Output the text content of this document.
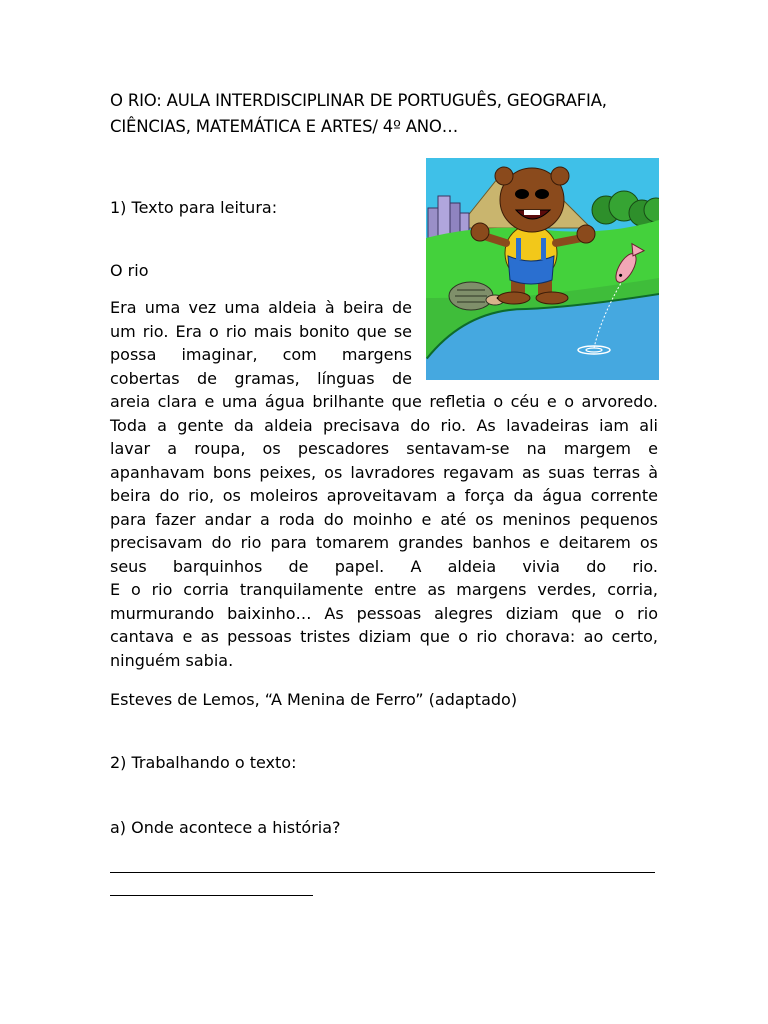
O RIO: AULA INTERDISCIPLINAR DE PORTUGUÊS, GEOGRAFIA,
CIÊNCIAS, MATEMÁTICA E ARTES/ 4º ANO…
1) Texto para leitura:
O rio
Era uma vez uma aldeia à beira de
um rio. Era o rio mais bonito que se
possa imaginar, com margens
cobertas de gramas, línguas de
areia clara e uma água brilhante que refletia o céu e o arvoredo.
Toda a gente da aldeia precisava do rio. As lavadeiras iam ali
lavar a roupa, os pescadores sentavam-se na margem e
apanhavam bons peixes, os lavradores regavam as suas terras à
beira do rio, os moleiros aproveitavam a força da água corrente
para fazer andar a roda do moinho e até os meninos pequenos
precisavam do rio para tomarem grandes banhos e deitarem os
seus barquinhos de papel. A aldeia vivia do rio.
E o rio corria tranquilamente entre as margens verdes, corria,
murmurando baixinho… As pessoas alegres diziam que o rio
cantava e as pessoas tristes diziam que o rio chorava: ao certo,
ninguém sabia.
Esteves de Lemos, “A Menina de Ferro” (adaptado)
2) Trabalhando o texto:
a) Onde acontece a história?
